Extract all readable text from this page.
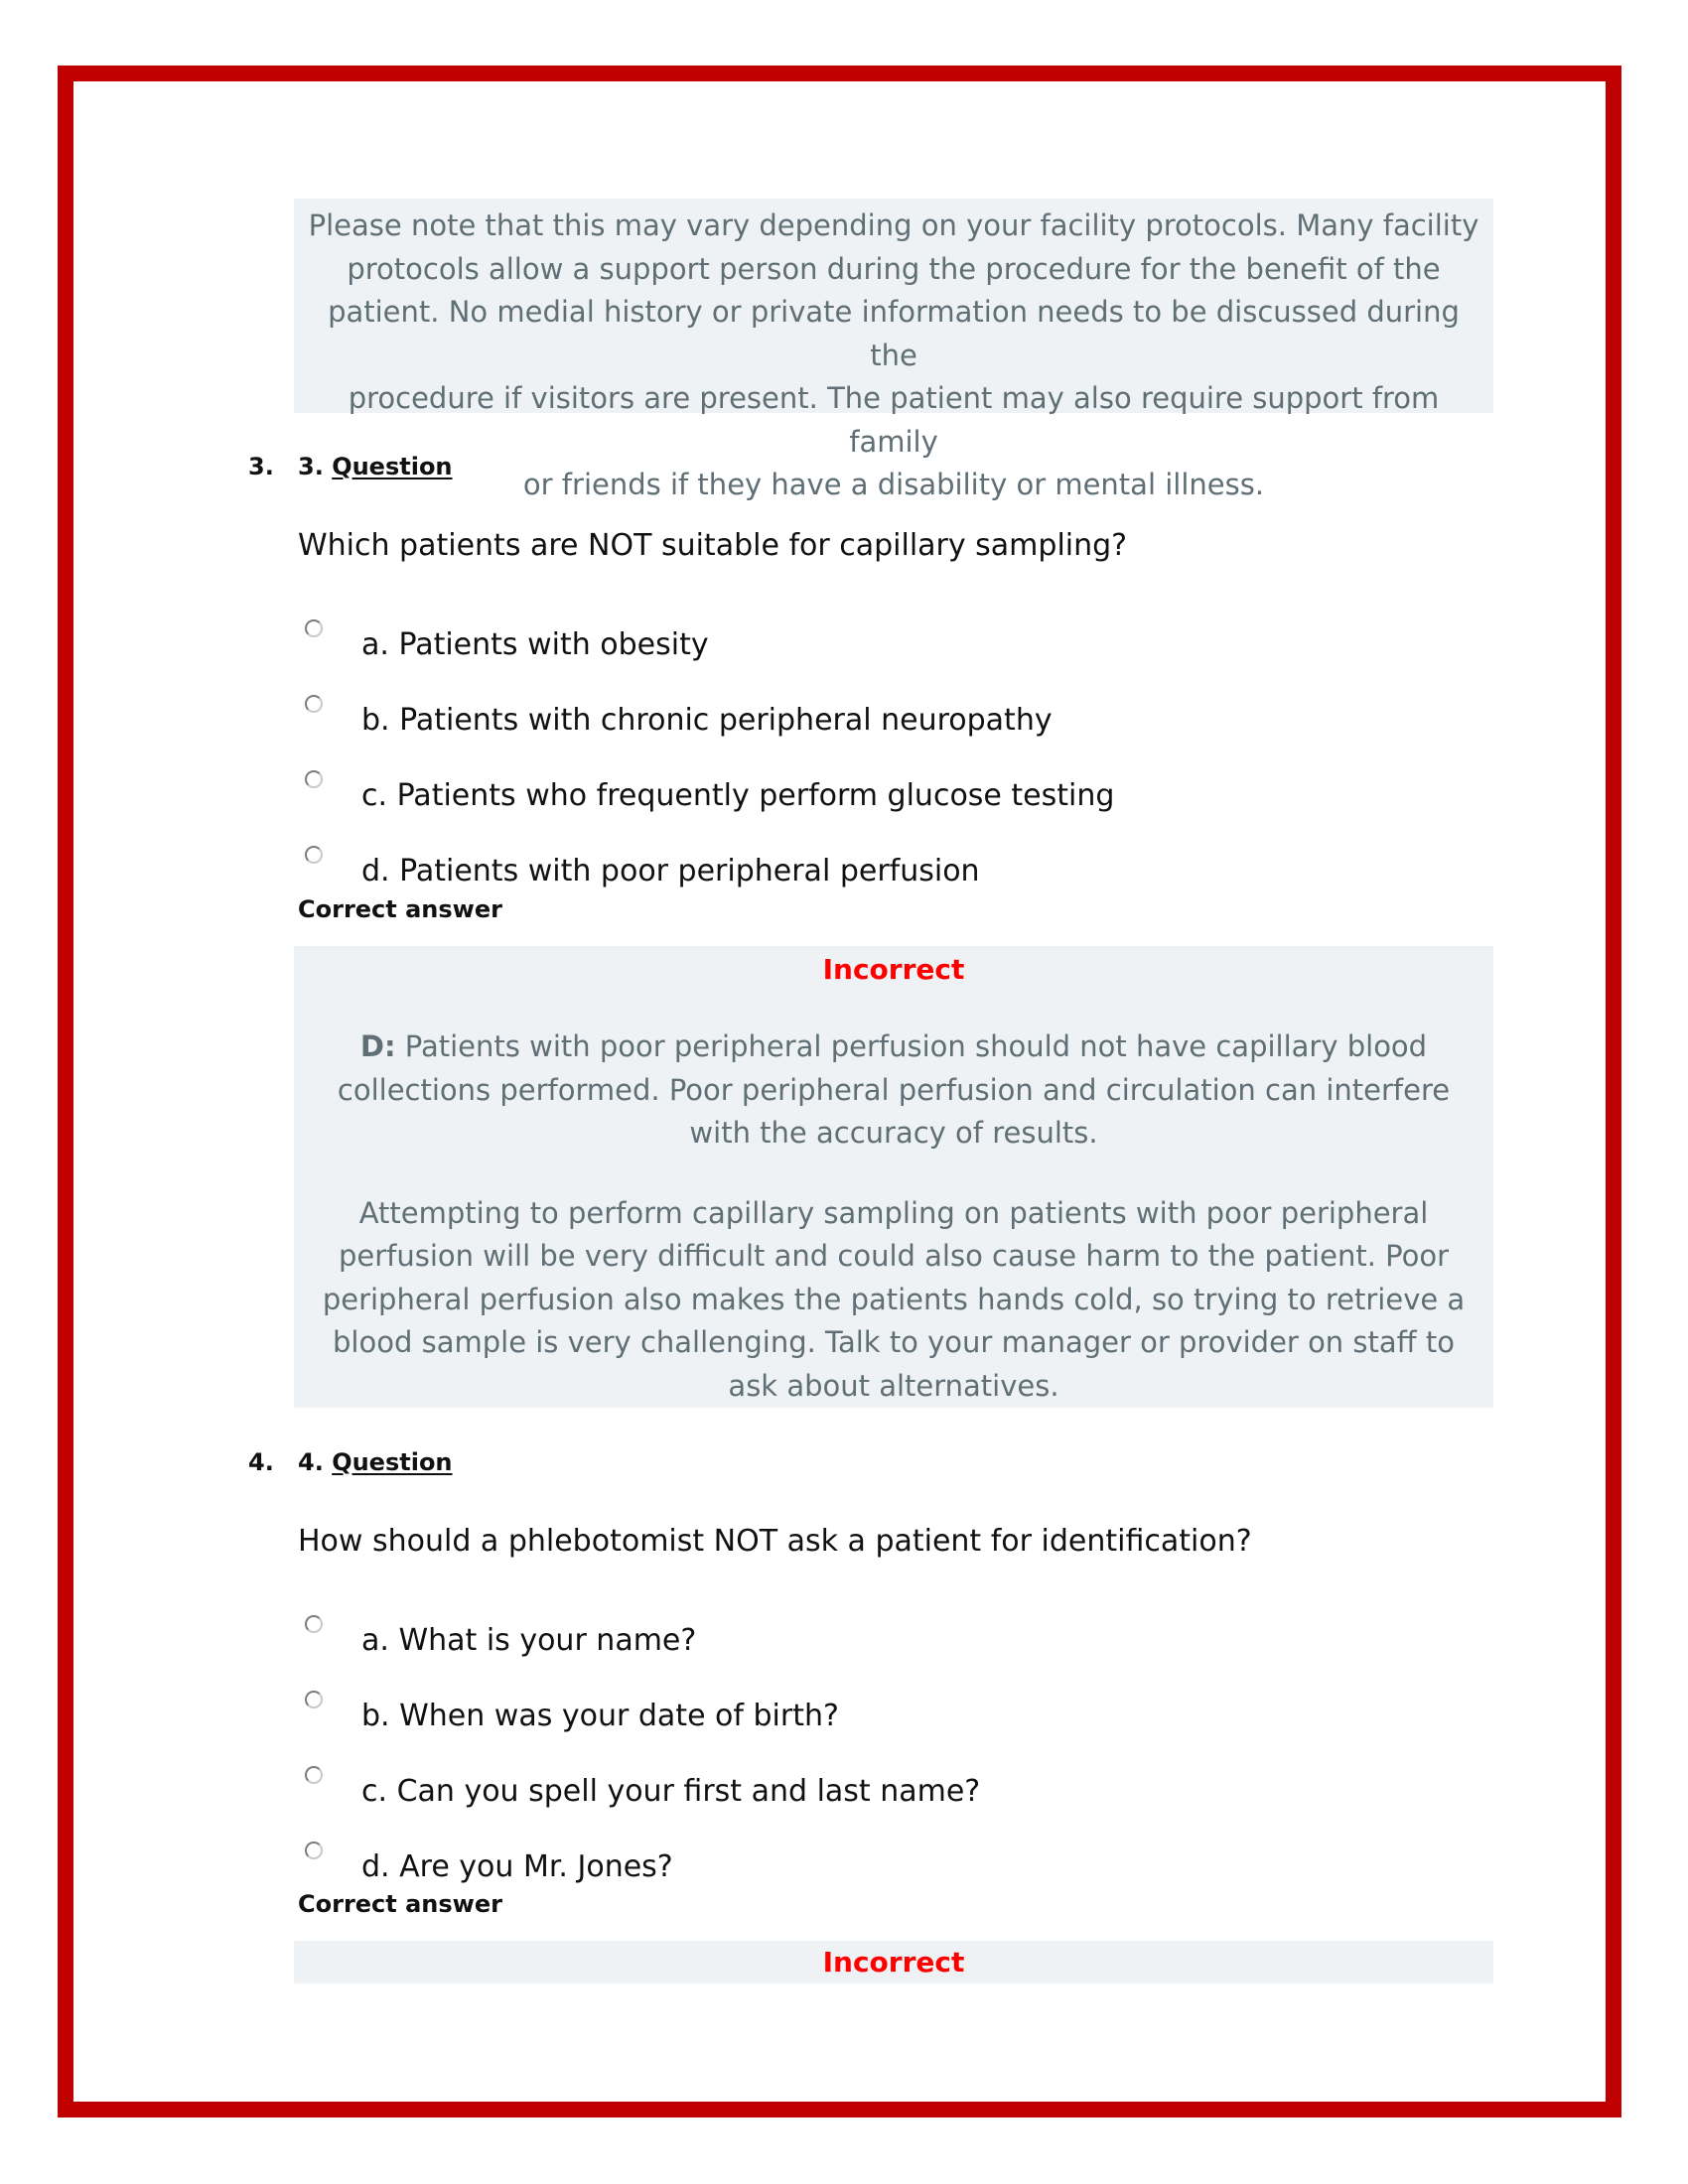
Please note that this may vary depending on your facility protocols. Many facility

protocols allow a support person during the procedure for the benefit of the

patient. No medial history or private information needs to be discussed during the

procedure if visitors are present. The patient may also require support from family

or friends if they have a disability or mental illness.

3. 3. Question
Which patients are NOT suitable for capillary sampling?
a. Patients with obesity
b. Patients with chronic peripheral neuropathy
c. Patients who frequently perform glucose testing
d. Patients with poor peripheral perfusion
Correct answer

Incorrect

D: Patients with poor peripheral perfusion should not have capillary blood collections performed. Poor peripheral perfusion and circulation can interfere with the accuracy of results.

Attempting to perform capillary sampling on patients with poor peripheral perfusion will be very difficult and could also cause harm to the patient. Poor peripheral perfusion also makes the patients hands cold, so trying to retrieve a blood sample is very challenging. Talk to your manager or provider on staff to ask about alternatives.

4. 4. Question
How should a phlebotomist NOT ask a patient for identification?
a. What is your name?
b. When was your date of birth?
c. Can you spell your first and last name?
d. Are you Mr. Jones?
Correct answer

Incorrect
